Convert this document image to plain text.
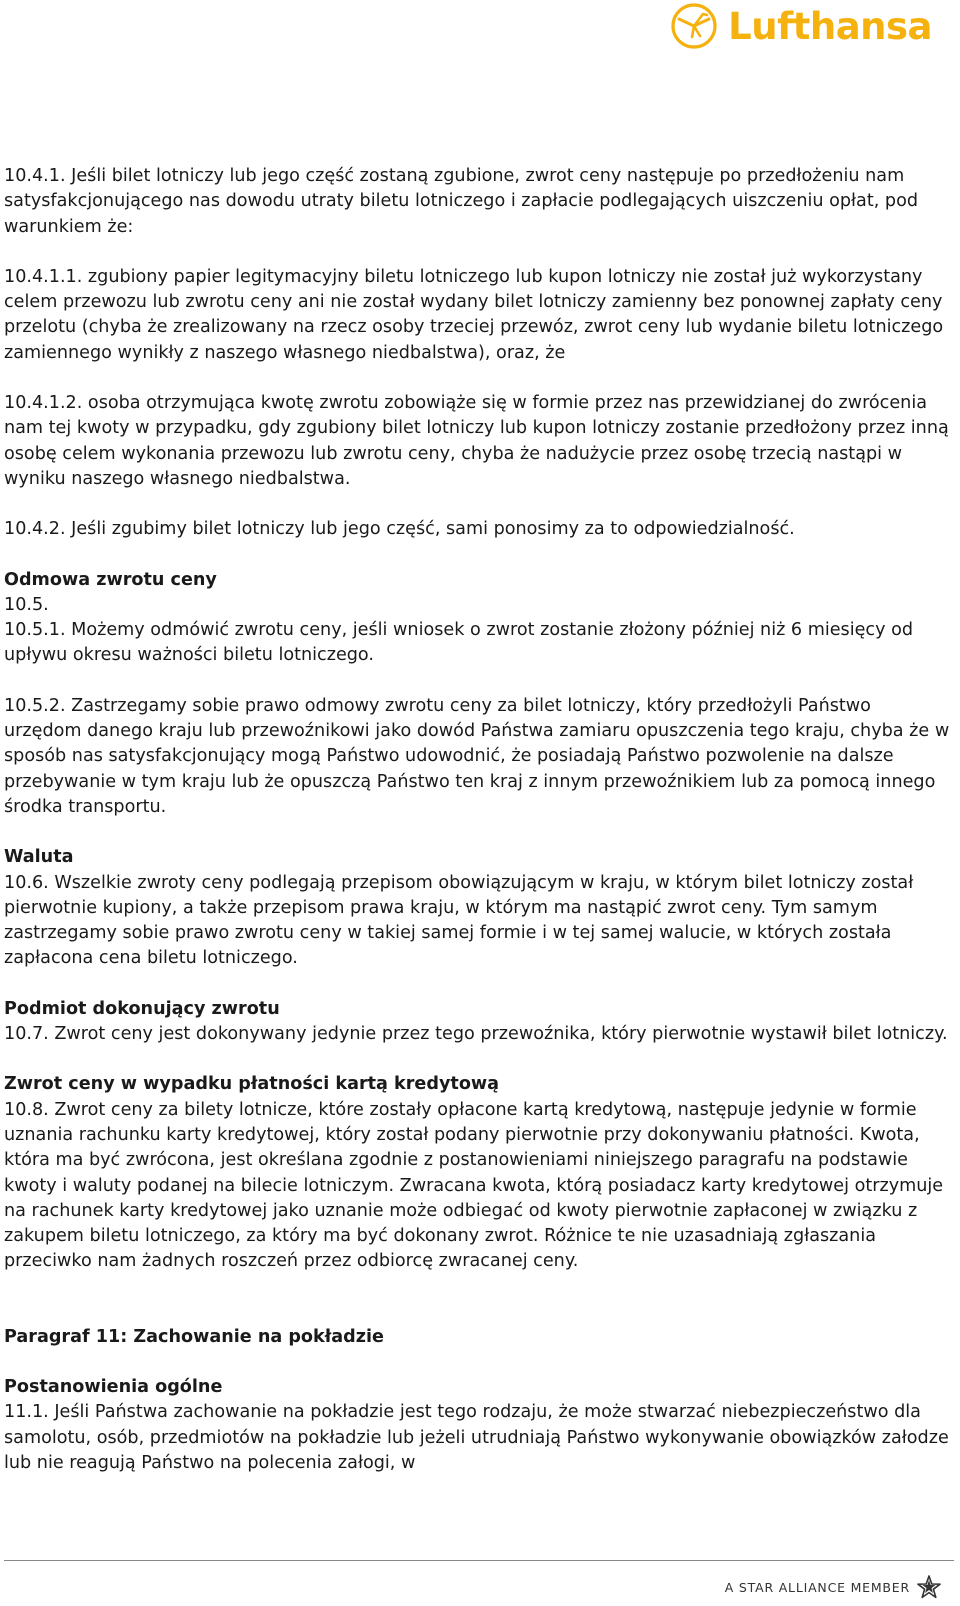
Lufthansa

10.4.1. Jeśli bilet lotniczy lub jego część zostaną zgubione, zwrot ceny następuje po przedłożeniu nam satysfakcjonującego nas dowodu utraty biletu lotniczego i zapłacie podlegających uiszczeniu opłat, pod warunkiem że:

10.4.1.1. zgubiony papier legitymacyjny biletu lotniczego lub kupon lotniczy nie został już wykorzystany celem przewozu lub zwrotu ceny ani nie został wydany bilet lotniczy zamienny bez ponownej zapłaty ceny przelotu (chyba że zrealizowany na rzecz osoby trzeciej przewóz, zwrot ceny lub wydanie biletu lotniczego zamiennego wynikły z naszego własnego niedbalstwa), oraz, że

10.4.1.2. osoba otrzymująca kwotę zwrotu zobowiąże się w formie przez nas przewidzianej do zwrócenia nam tej kwoty w przypadku, gdy zgubiony bilet lotniczy lub kupon lotniczy zostanie przedłożony przez inną osobę celem wykonania przewozu lub zwrotu ceny, chyba że nadużycie przez osobę trzecią nastąpi w wyniku naszego własnego niedbalstwa.

10.4.2. Jeśli zgubimy bilet lotniczy lub jego część, sami ponosimy za to odpowiedzialność.

Odmowa zwrotu ceny

10.5.

10.5.1. Możemy odmówić zwrotu ceny, jeśli wniosek o zwrot zostanie złożony później niż 6 miesięcy od upływu okresu ważności biletu lotniczego.

10.5.2. Zastrzegamy sobie prawo odmowy zwrotu ceny za bilet lotniczy, który przedłożyli Państwo urzędom danego kraju lub przewoźnikowi jako dowód Państwa zamiaru opuszczenia tego kraju, chyba że w sposób nas satysfakcjonujący mogą Państwo udowodnić, że posiadają Państwo pozwolenie na dalsze przebywanie w tym kraju lub że opuszczą Państwo ten kraj z innym przewoźnikiem lub za pomocą innego środka transportu.

Waluta

10.6. Wszelkie zwroty ceny podlegają przepisom obowiązującym w kraju, w którym bilet lotniczy został pierwotnie kupiony, a także przepisom prawa kraju, w którym ma nastąpić zwrot ceny. Tym samym zastrzegamy sobie prawo zwrotu ceny w takiej samej formie i w tej samej walucie, w których została zapłacona cena biletu lotniczego.

Podmiot dokonujący zwrotu

10.7. Zwrot ceny jest dokonywany jedynie przez tego przewoźnika, który pierwotnie wystawił bilet lotniczy.

Zwrot ceny w wypadku płatności kartą kredytową

10.8. Zwrot ceny za bilety lotnicze, które zostały opłacone kartą kredytową, następuje jedynie w formie uznania rachunku karty kredytowej, który został podany pierwotnie przy dokonywaniu płatności. Kwota, która ma być zwrócona, jest określana zgodnie z postanowieniami niniejszego paragrafu na podstawie kwoty i waluty podanej na bilecie lotniczym. Zwracana kwota, którą posiadacz karty kredytowej otrzymuje na rachunek karty kredytowej jako uznanie może odbiegać od kwoty pierwotnie zapłaconej w związku z zakupem biletu lotniczego, za który ma być dokonany zwrot. Różnice te nie uzasadniają zgłaszania przeciwko nam żadnych roszczeń przez odbiorcę zwracanej ceny.

Paragraf 11: Zachowanie na pokładzie

Postanowienia ogólne

11.1. Jeśli Państwa zachowanie na pokładzie jest tego rodzaju, że może stwarzać niebezpieczeństwo dla samolotu, osób, przedmiotów na pokładzie lub jeżeli utrudniają Państwo wykonywanie obowiązków załodze lub nie reagują Państwo na polecenia załogi, w

A STAR ALLIANCE MEMBER
